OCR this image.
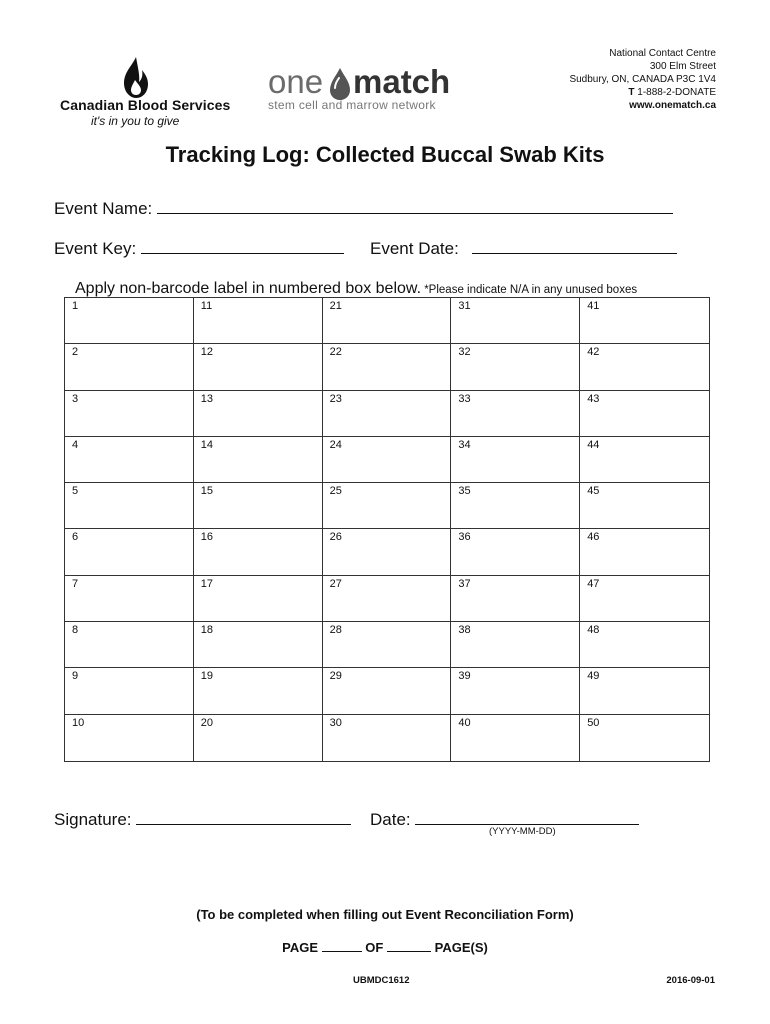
Canadian Blood Services
it's in you to give
one match
stem cell and marrow network
National Contact Centre
300 Elm Street
Sudbury, ON, CANADA P3C 1V4
T 1-888-2-DONATE
www.onematch.ca
Tracking Log: Collected Buccal Swab Kits
Event Name:
Event Key:	Event Date:
Apply non-barcode label in numbered box below. *Please indicate N/A in any unused boxes
1	11	21	31	41
2	12	22	32	42
3	13	23	33	43
4	14	24	34	44
5	15	25	35	45
6	16	26	36	46
7	17	27	37	47
8	18	28	38	48
9	19	29	39	49
10	20	30	40	50
Signature:	Date:
(YYYY-MM-DD)
(To be completed when filling out Event Reconciliation Form)
PAGE	OF	PAGE(S)
UBMDC1612	2016-09-01
